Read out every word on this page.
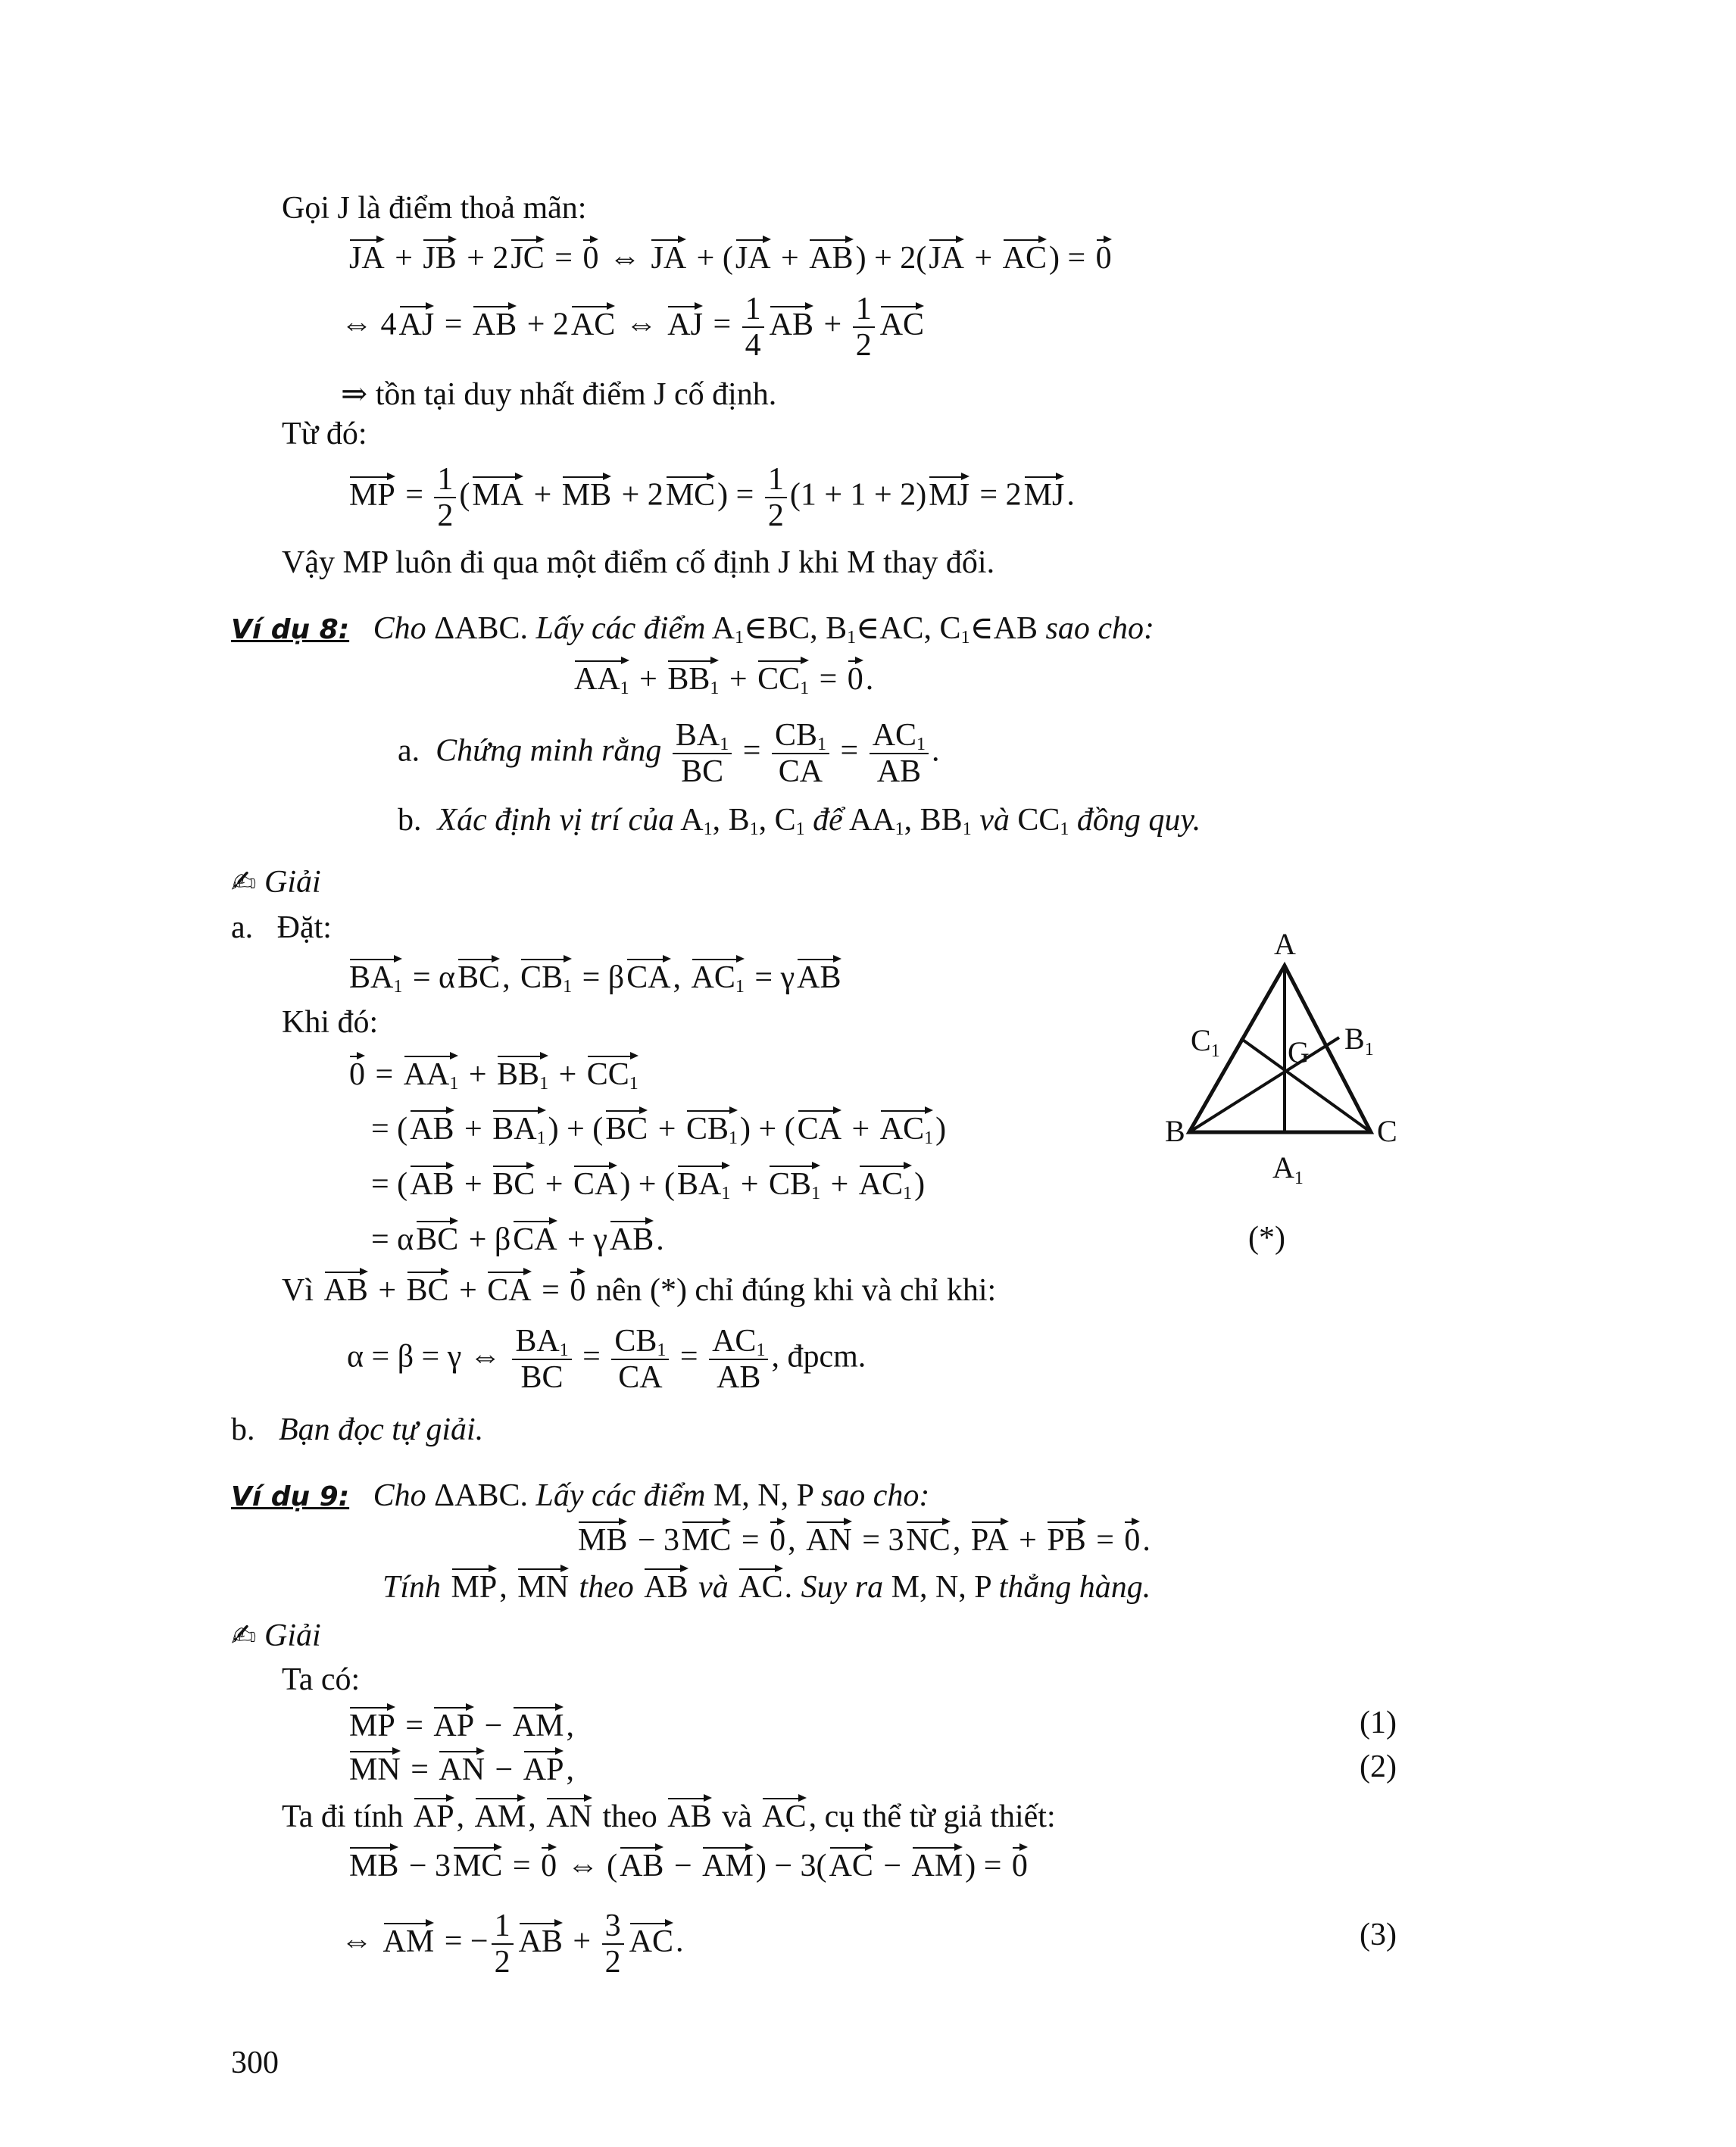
Gọi J là điểm thoả mãn:
JA + JB + 2JC = 0 ⇔ JA + (JA + AB) + 2(JA + AC) = 0
⇔ 4AJ = AB + 2AC ⇔ AJ = $\frac{1}{4}$ AB + $\frac{1}{2}$ AC
⇒ tồn tại duy nhất điểm J cố định.
Từ đó:
MP = $\frac{1}{2} (MA$ + MB + $2MC) = \frac{1}{2} (1 + 1 + 2)MJ = 2MJ$.
Vậy MP luôn đi qua một điểm cố định J khi M thay đổi.
Ví dụ 8: Cho ΔABC. Lấy các điểm $A_1\in BC$, $B_1\in AC$, $C_1\in AB$ sao cho:
$AA_1 + BB_1 + CC_1 = 0$.
a. Chứng minh rằng $\frac{BA_1}{BC} = \frac{CB_1}{CA} = \frac{AC_1}{AB}$ .
b. Xác định vị trí của $A_1$, $B_1$, $C_1$ để $AA_1$, $BB_1$ và $CC_1$ đồng quy.
✍ Giải
a. Đặt:
$BA_1 = \alpha BC$, $CB_1 = \beta CA$, $AC_1 = \gamma AB$
Khi đó:
$0 = AA_1 + BB_1 + CC_1$
= $(AB + BA_1) + (BC + CB_1) + (CA + AC_1)$
= (AB + BC + $CA) + (BA_1 + CB_1 + AC_1)$
= αBC + βCA + γAB.	(*)
Vì AB + BC + CA = 0 nên (*) chỉ đúng khi và chỉ khi:
α = β = γ ⇔ $\frac{BA_1}{BC} = \frac{CB_1}{CA} = \frac{AC_1}{AB}$ , đpcm.
b. Bạn đọc tự giải.
A
B	C
G
$A_1$
$B_1$
$C_1$
Ví dụ 9: Cho ΔABC. Lấy các điểm M, N, P sao cho:
MB − 3MC = 0, AN = 3NC, PA + PB = 0.
Tính MP, MN theo AB và AC. Suy ra M, N, P thẳng hàng.
✍ Giải
Ta có:
MP = AP − AM,	(1)
MN = AN − AP,	(2)
Ta đi tính AP, AM, AN theo AB và AC, cụ thể từ giả thiết:
MB − 3MC = 0 ⇔ (AB − AM) − 3(AC − AM) = 0
⇔ AM = − $\frac{1}{2}$ AB + $\frac{3}{2}$ AC.	(3)
300
